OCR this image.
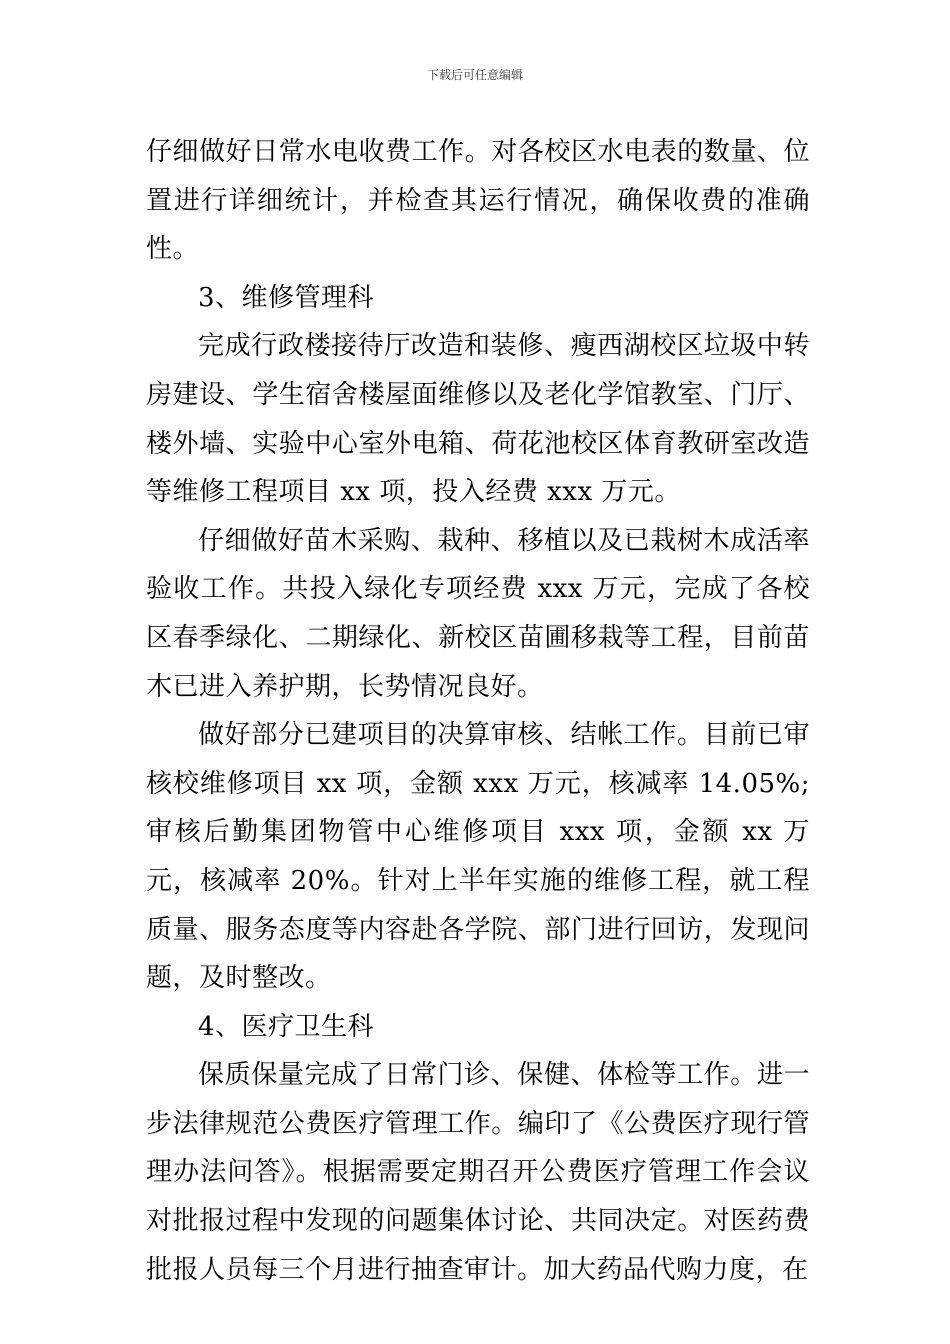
下载后可任意编辑

仔细做好日常水电收费工作。对各校区水电表的数量、位置进行详细统计，并检查其运行情况，确保收费的准确性。

3、维修管理科

完成行政楼接待厅改造和装修、瘦西湖校区垃圾中转房建设、学生宿舍楼屋面维修以及老化学馆教室、门厅、楼外墙、实验中心室外电箱、荷花池校区体育教研室改造等维修工程项目 xx 项，投入经费 xxx 万元。

仔细做好苗木采购、栽种、移植以及已栽树木成活率验收工作。共投入绿化专项经费 xxx 万元，完成了各校区春季绿化、二期绿化、新校区苗圃移栽等工程，目前苗木已进入养护期，长势情况良好。

做好部分已建项目的决算审核、结帐工作。目前已审核校维修项目 xx 项，金额 xxx 万元，核减率 14.05%;审核后勤集团物管中心维修项目 xxx 项，金额 xx 万元，核减率 20%。针对上半年实施的维修工程，就工程质量、服务态度等内容赴各学院、部门进行回访，发现问题，及时整改。

4、医疗卫生科

保质保量完成了日常门诊、保健、体检等工作。进一步法律规范公费医疗管理工作。编印了《公费医疗现行管理办法问答》。根据需要定期召开公费医疗管理工作会议对批报过程中发现的问题集体讨论、共同决定。对医药费批报人员每三个月进行抽查审计。加大药品代购力度，在
